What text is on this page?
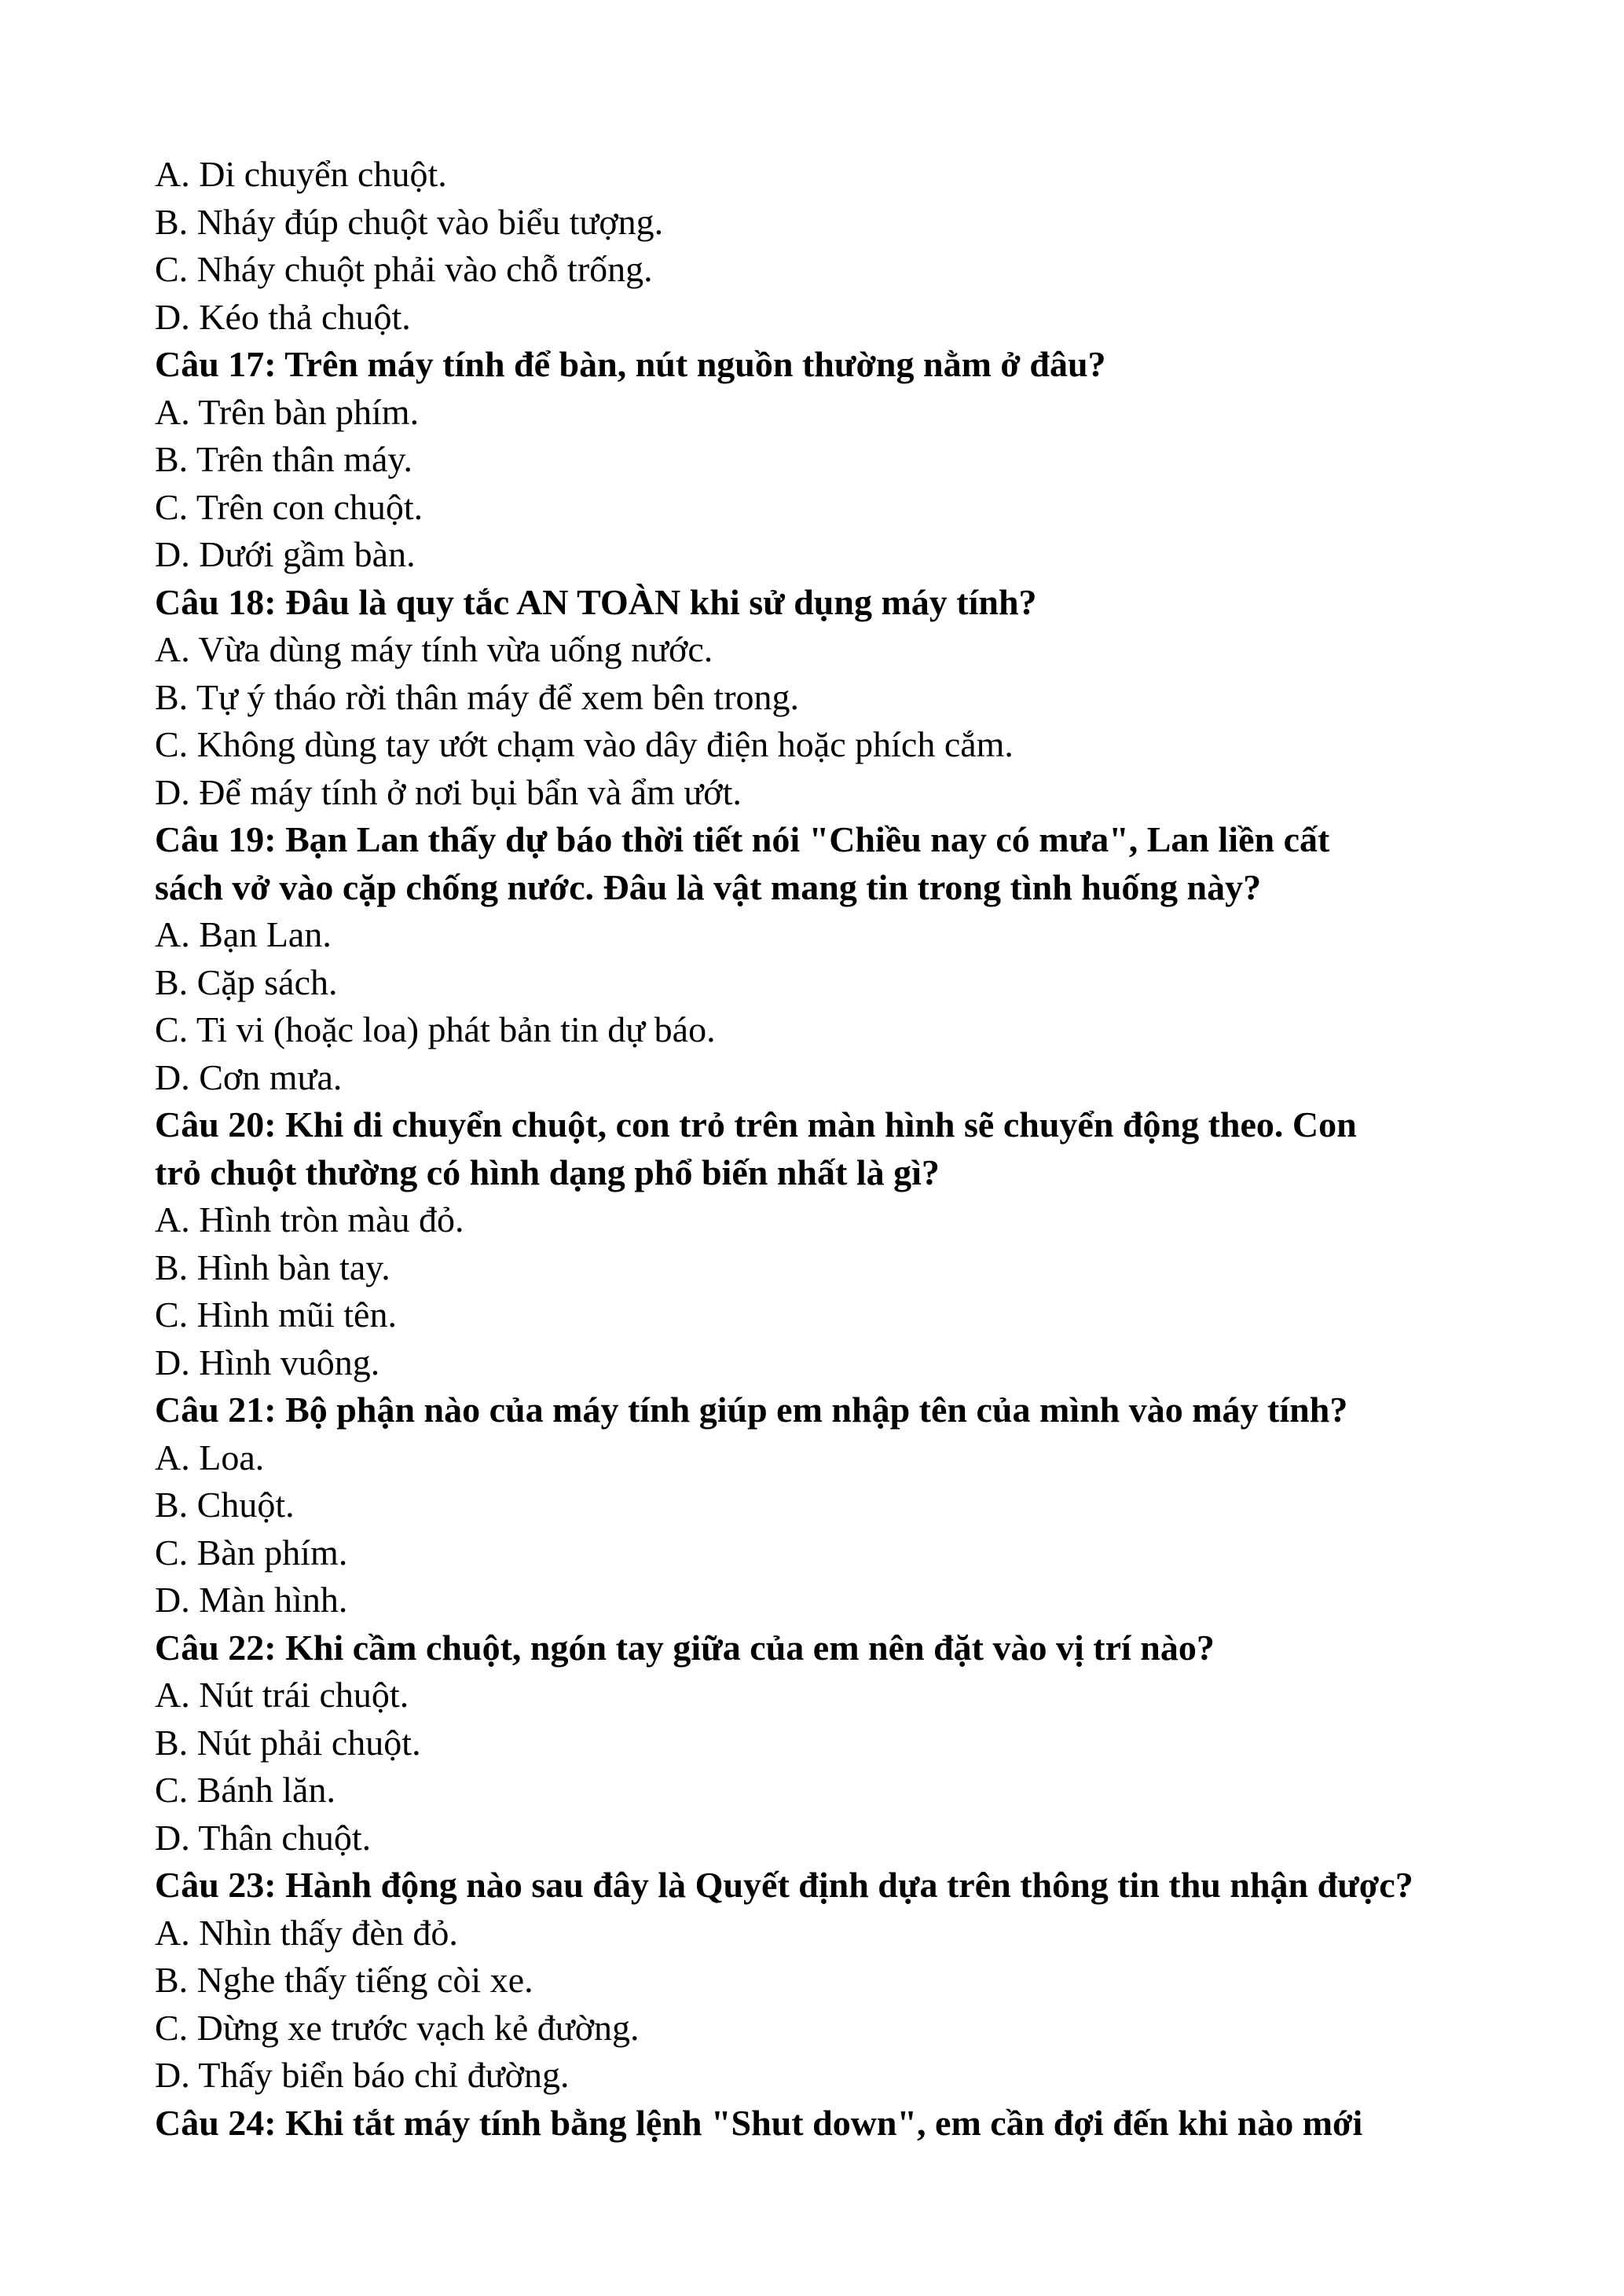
A. Di chuyển chuột.
B. Nháy đúp chuột vào biểu tượng.
C. Nháy chuột phải vào chỗ trống.
D. Kéo thả chuột.
Câu 17: Trên máy tính để bàn, nút nguồn thường nằm ở đâu?
A. Trên bàn phím.
B. Trên thân máy.
C. Trên con chuột.
D. Dưới gầm bàn.
Câu 18: Đâu là quy tắc AN TOÀN khi sử dụng máy tính?
A. Vừa dùng máy tính vừa uống nước.
B. Tự ý tháo rời thân máy để xem bên trong.
C. Không dùng tay ướt chạm vào dây điện hoặc phích cắm.
D. Để máy tính ở nơi bụi bẩn và ẩm ướt.
Câu 19: Bạn Lan thấy dự báo thời tiết nói "Chiều nay có mưa", Lan liền cất
sách vở vào cặp chống nước. Đâu là vật mang tin trong tình huống này?
A. Bạn Lan.
B. Cặp sách.
C. Ti vi (hoặc loa) phát bản tin dự báo.
D. Cơn mưa.
Câu 20: Khi di chuyển chuột, con trỏ trên màn hình sẽ chuyển động theo. Con
trỏ chuột thường có hình dạng phổ biến nhất là gì?
A. Hình tròn màu đỏ.
B. Hình bàn tay.
C. Hình mũi tên.
D. Hình vuông.
Câu 21: Bộ phận nào của máy tính giúp em nhập tên của mình vào máy tính?
A. Loa.
B. Chuột.
C. Bàn phím.
D. Màn hình.
Câu 22: Khi cầm chuột, ngón tay giữa của em nên đặt vào vị trí nào?
A. Nút trái chuột.
B. Nút phải chuột.
C. Bánh lăn.
D. Thân chuột.
Câu 23: Hành động nào sau đây là Quyết định dựa trên thông tin thu nhận được?
A. Nhìn thấy đèn đỏ.
B. Nghe thấy tiếng còi xe.
C. Dừng xe trước vạch kẻ đường.
D. Thấy biển báo chỉ đường.
Câu 24: Khi tắt máy tính bằng lệnh "Shut down", em cần đợi đến khi nào mới
